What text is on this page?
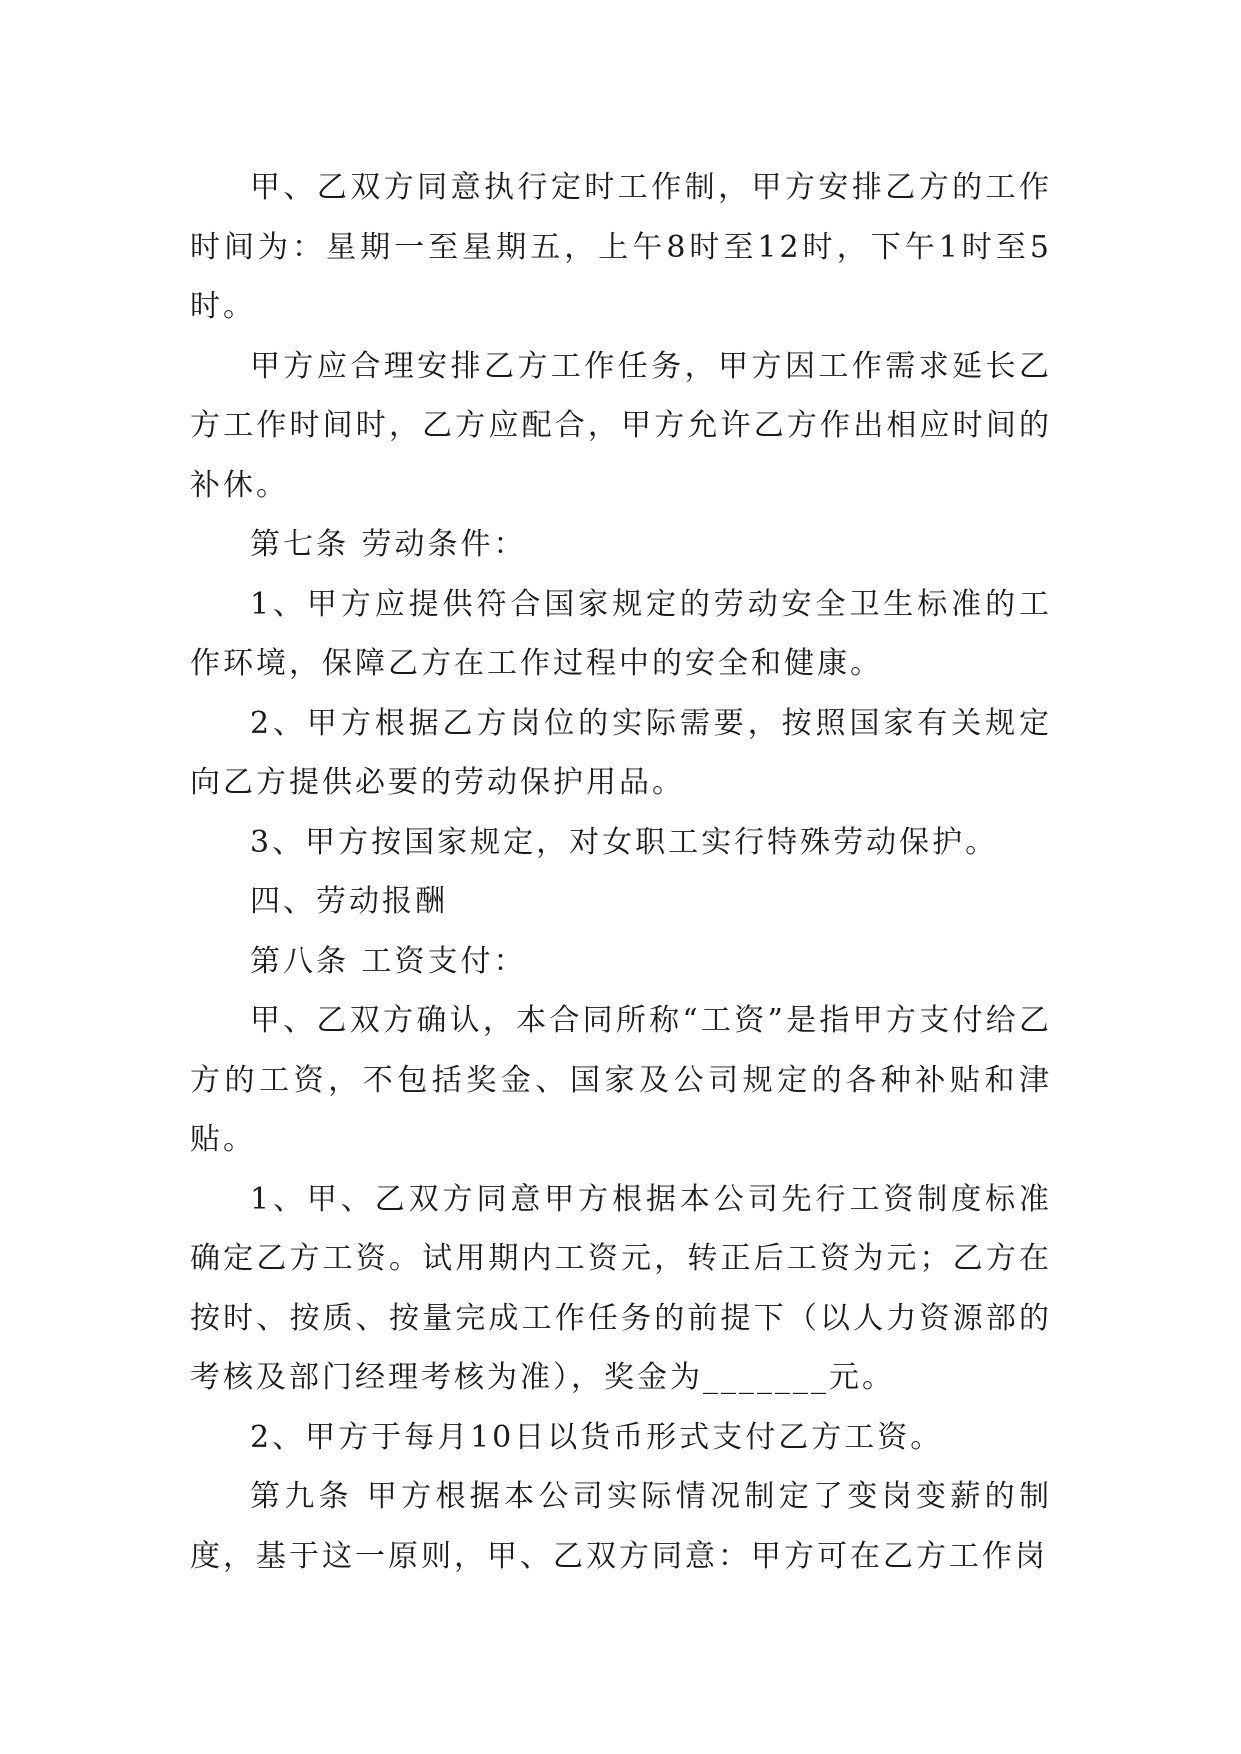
甲、乙双方同意执行定时工作制，甲方安排乙方的工作时间为：星期一至星期五，上午8时至12时，下午1时至5时。

甲方应合理安排乙方工作任务，甲方因工作需求延长乙方工作时间时，乙方应配合，甲方允许乙方作出相应时间的补休。

第七条 劳动条件：

1、甲方应提供符合国家规定的劳动安全卫生标准的工作环境，保障乙方在工作过程中的安全和健康。

2、甲方根据乙方岗位的实际需要，按照国家有关规定向乙方提供必要的劳动保护用品。

3、甲方按国家规定，对女职工实行特殊劳动保护。

四、劳动报酬

第八条 工资支付：

甲、乙双方确认，本合同所称“工资”是指甲方支付给乙方的工资，不包括奖金、国家及公司规定的各种补贴和津贴。

1、甲、乙双方同意甲方根据本公司先行工资制度标准确定乙方工资。试用期内工资元，转正后工资为元；乙方在按时、按质、按量完成工作任务的前提下（以人力资源部的考核及部门经理考核为准），奖金为_______元。

2、甲方于每月10日以货币形式支付乙方工资。

第九条 甲方根据本公司实际情况制定了变岗变薪的制度，基于这一原则，甲、乙双方同意：甲方可在乙方工作岗
